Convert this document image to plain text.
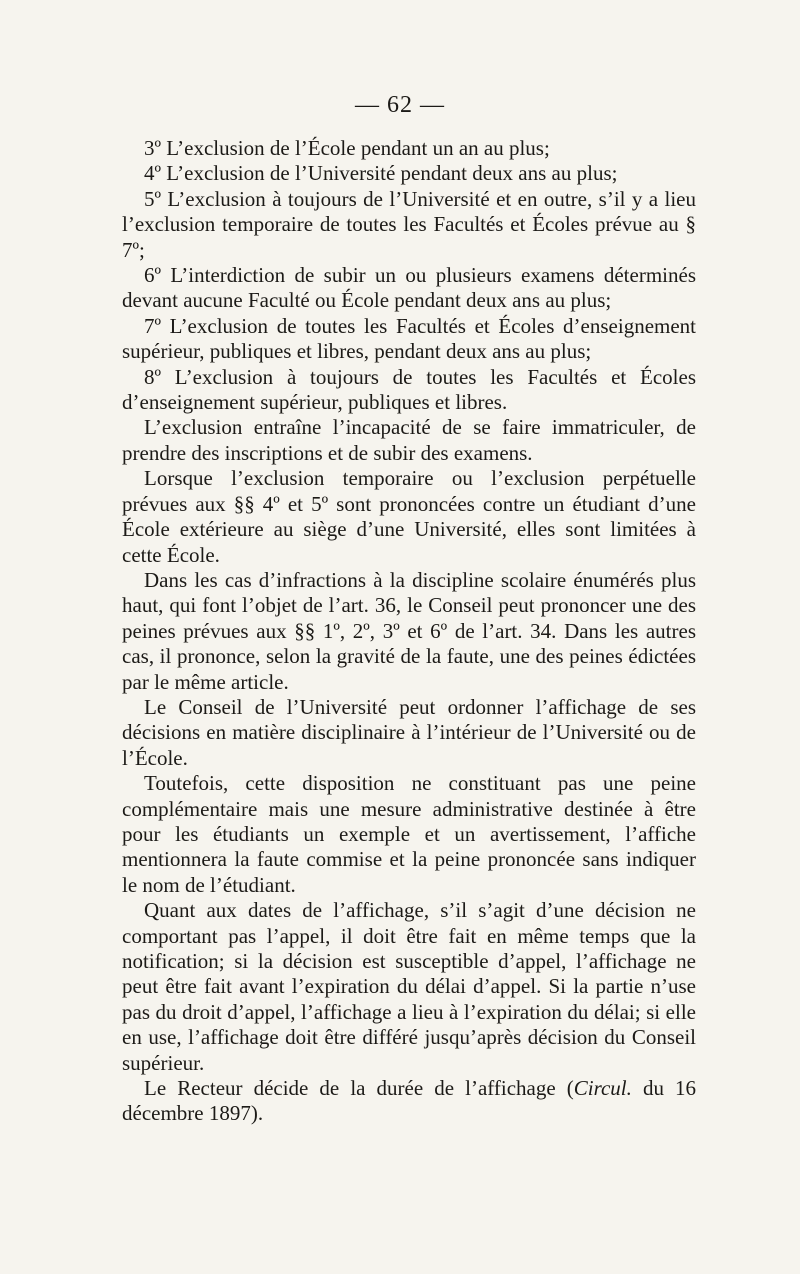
— 62 —

3º L’exclusion de l’École pendant un an au plus;

4º L’exclusion de l’Université pendant deux ans au plus;

5º L’exclusion à toujours de l’Université et en outre, s’il y a lieu l’exclusion temporaire de toutes les Facultés et Écoles prévue au § 7º;

6º L’interdiction de subir un ou plusieurs examens déterminés devant aucune Faculté ou École pendant deux ans au plus;

7º L’exclusion de toutes les Facultés et Écoles d’enseignement supérieur, publiques et libres, pendant deux ans au plus;

8º L’exclusion à toujours de toutes les Facultés et Écoles d’enseignement supérieur, publiques et libres.

L’exclusion entraîne l’incapacité de se faire immatriculer, de prendre des inscriptions et de subir des examens.

Lorsque l’exclusion temporaire ou l’exclusion perpétuelle prévues aux §§ 4º et 5º sont prononcées contre un étudiant d’une École extérieure au siège d’une Université, elles sont limitées à cette École.

Dans les cas d’infractions à la discipline scolaire énumérés plus haut, qui font l’objet de l’art. 36, le Conseil peut prononcer une des peines prévues aux §§ 1º, 2º, 3º et 6º de l’art. 34. Dans les autres cas, il prononce, selon la gravité de la faute, une des peines édictées par le même article.

Le Conseil de l’Université peut ordonner l’affichage de ses décisions en matière disciplinaire à l’intérieur de l’Université ou de l’École.

Toutefois, cette disposition ne constituant pas une peine complémentaire mais une mesure administrative destinée à être pour les étudiants un exemple et un avertissement, l’affiche mentionnera la faute commise et la peine prononcée sans indiquer le nom de l’étudiant.

Quant aux dates de l’affichage, s’il s’agit d’une décision ne comportant pas l’appel, il doit être fait en même temps que la notification; si la décision est susceptible d’appel, l’affichage ne peut être fait avant l’expiration du délai d’appel. Si la partie n’use pas du droit d’appel, l’affichage a lieu à l’expiration du délai; si elle en use, l’affichage doit être différé jusqu’après décision du Conseil supérieur.

Le Recteur décide de la durée de l’affichage (Circul. du 16 décembre 1897).
